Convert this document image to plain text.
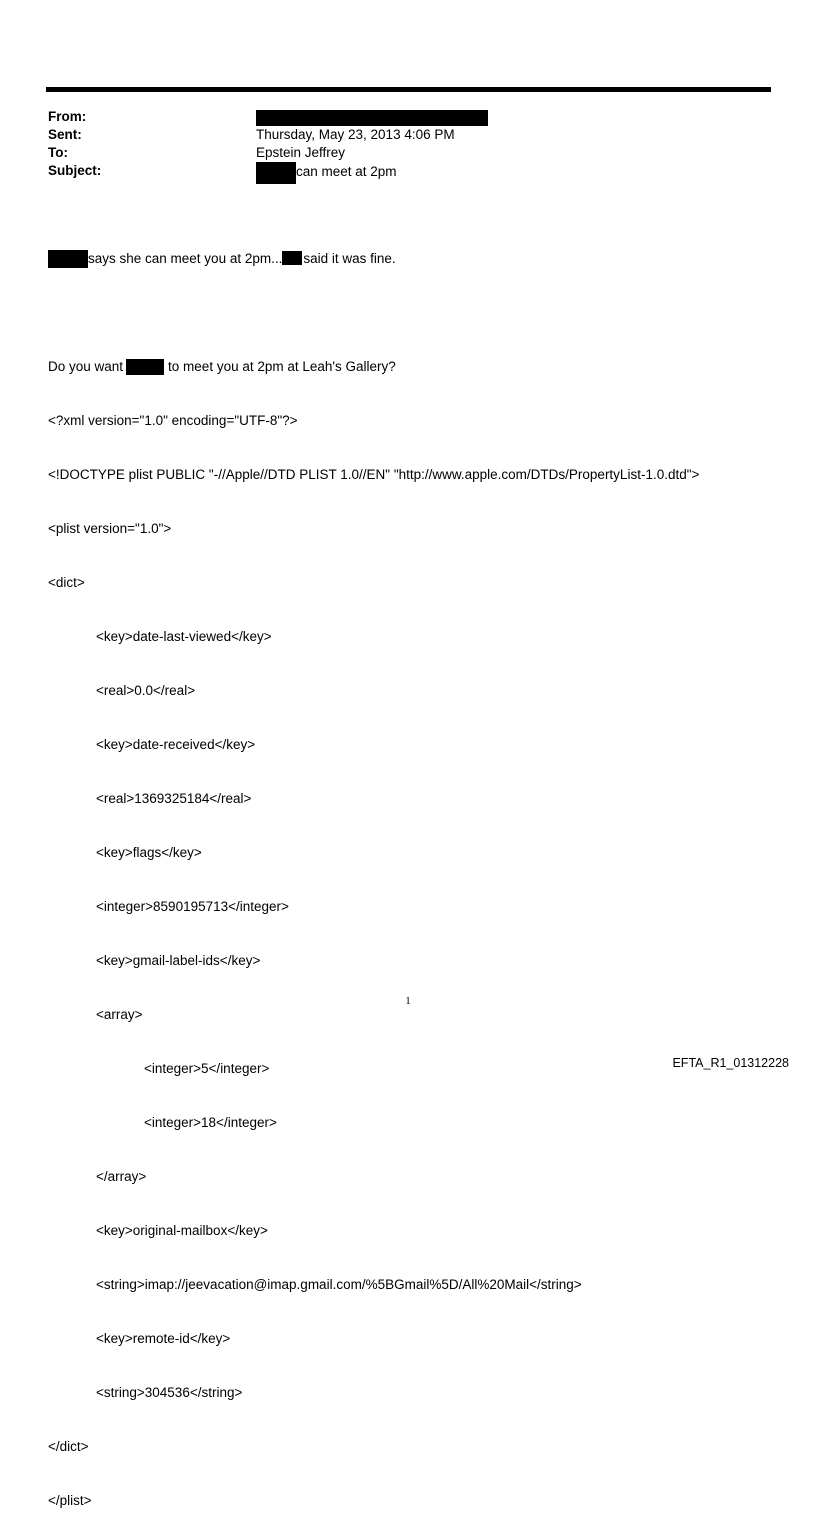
From:
Sent:	Thursday, May 23, 2013 4:06 PM
To:	Epstein Jeffrey
Subject:	can meet at 2pm

says she can meet you at 2pm... said it was fine.

Do you want	to meet you at 2pm at Leah's Gallery?

<?xml version="1.0" encoding="UTF-8"?>

<!DOCTYPE plist PUBLIC "-//Apple//DTD PLIST 1.0//EN" "http://www.apple.com/DTDs/PropertyList-1.0.dtd">

<plist version="1.0">

<dict>

<key>date-last-viewed</key>

<real>0.0</real>

<key>date-received</key>

<real>1369325184</real>

<key>flags</key>

<integer>8590195713</integer>

<key>gmail-label-ids</key>

<array>

<integer>5</integer>

<integer>18</integer>

</array>

<key>original-mailbox</key>

<string>imap://jeevacation@imap.gmail.com/%5BGmail%5D/All%20Mail</string>

<key>remote-id</key>

<string>304536</string>

</dict>

</plist>

1
EFTA_R1_01312228
